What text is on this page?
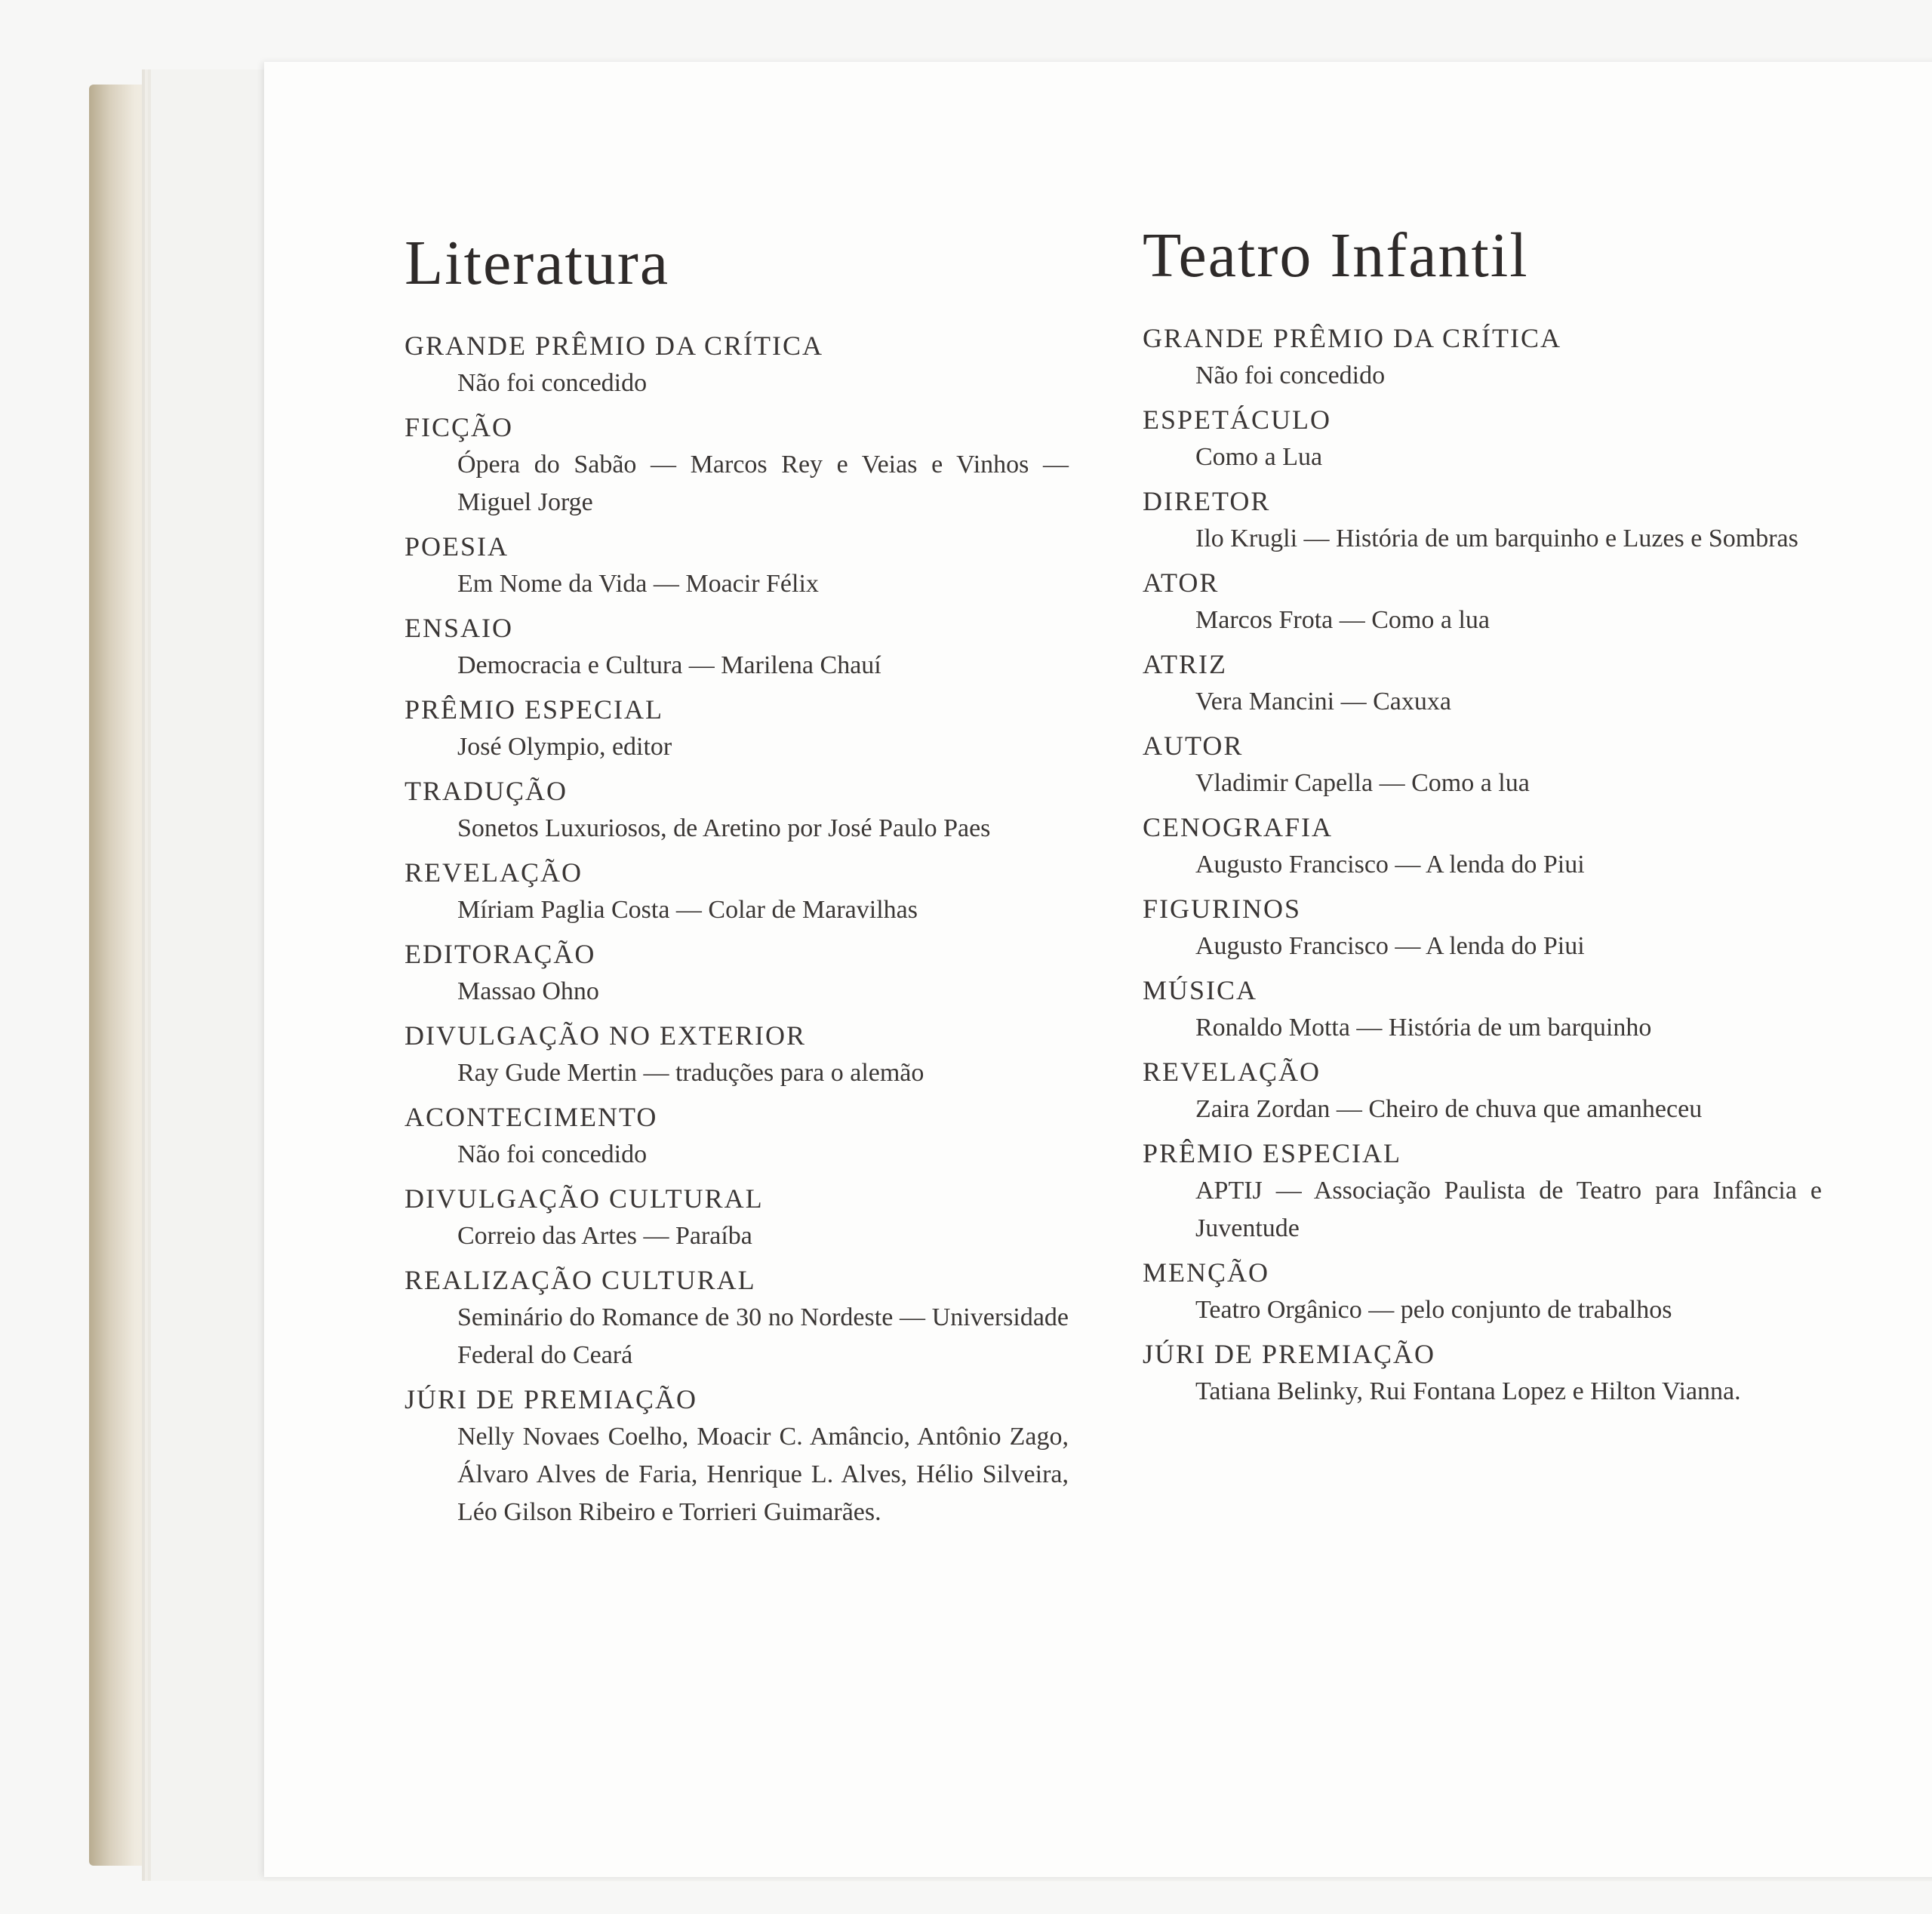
Literatura
GRANDE PRÊMIO DA CRÍTICA
Não foi concedido
FICÇÃO
Ópera do Sabão — Marcos Rey e Veias e Vinhos — Miguel Jorge
POESIA
Em Nome da Vida — Moacir Félix
ENSAIO
Democracia e Cultura — Marilena Chauí
PRÊMIO ESPECIAL
José Olympio, editor
TRADUÇÃO
Sonetos Luxuriosos, de Aretino por José Paulo Paes
REVELAÇÃO
Míriam Paglia Costa — Colar de Maravilhas
EDITORAÇÃO
Massao Ohno
DIVULGAÇÃO NO EXTERIOR
Ray Gude Mertin — traduções para o alemão
ACONTECIMENTO
Não foi concedido
DIVULGAÇÃO CULTURAL
Correio das Artes — Paraíba
REALIZAÇÃO CULTURAL
Seminário do Romance de 30 no Nordeste — Universidade Federal do Ceará
JÚRI DE PREMIAÇÃO
Nelly Novaes Coelho, Moacir C. Amâncio, Antônio Zago, Álvaro Alves de Faria, Henrique L. Alves, Hélio Silveira, Léo Gilson Ribeiro e Torrieri Guimarães.
Teatro Infantil
GRANDE PRÊMIO DA CRÍTICA
Não foi concedido
ESPETÁCULO
Como a Lua
DIRETOR
Ilo Krugli — História de um barquinho e Luzes e Sombras
ATOR
Marcos Frota — Como a lua
ATRIZ
Vera Mancini — Caxuxa
AUTOR
Vladimir Capella — Como a lua
CENOGRAFIA
Augusto Francisco — A lenda do Piui
FIGURINOS
Augusto Francisco — A lenda do Piui
MÚSICA
Ronaldo Motta — História de um barquinho
REVELAÇÃO
Zaira Zordan — Cheiro de chuva que amanheceu
PRÊMIO ESPECIAL
APTIJ — Associação Paulista de Teatro para Infância e Juventude
MENÇÃO
Teatro Orgânico — pelo conjunto de trabalhos
JÚRI DE PREMIAÇÃO
Tatiana Belinky, Rui Fontana Lopez e Hilton Vianna.
